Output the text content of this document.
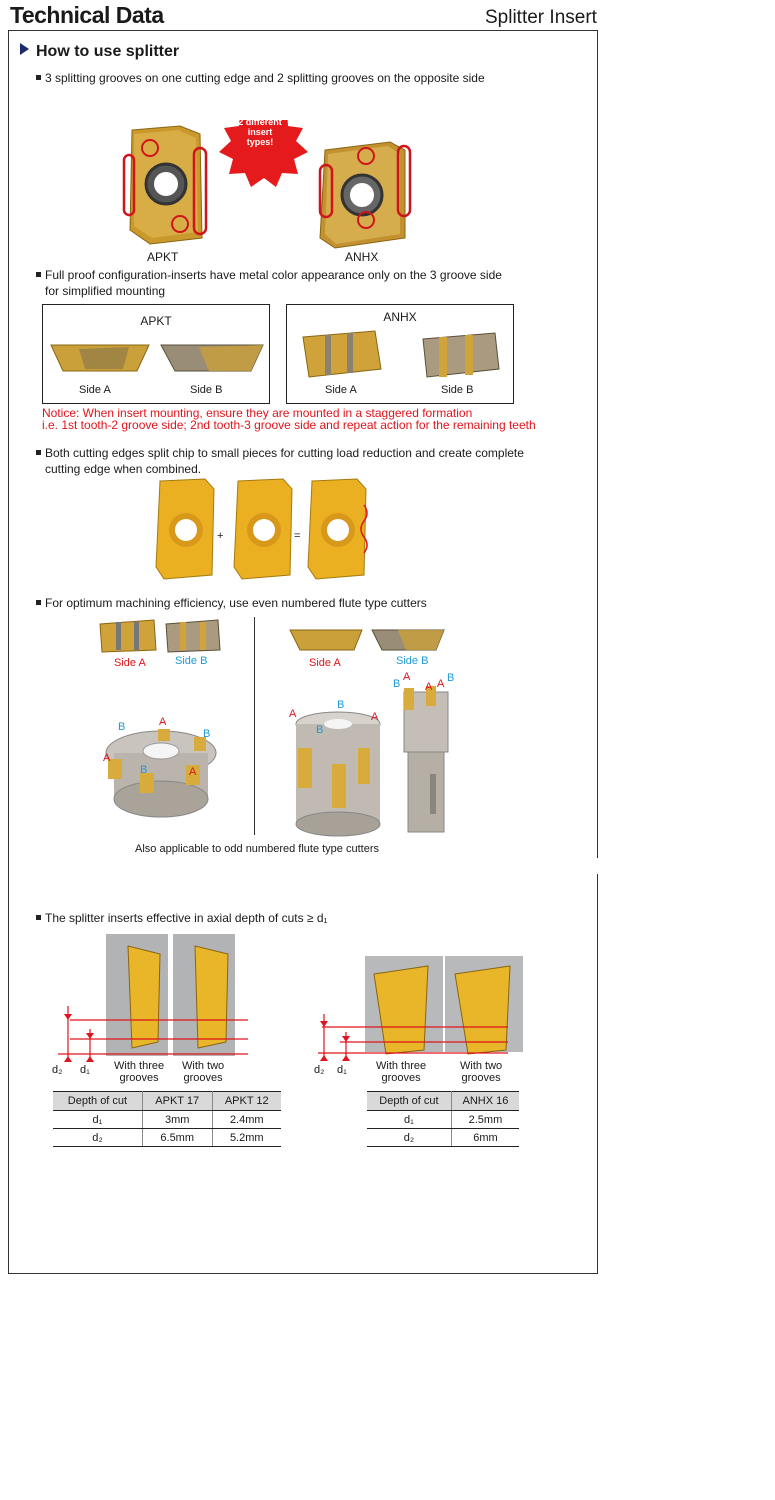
Technical Data	Splitter Insert
How to use splitter
3 splitting grooves on one cutting edge and 2 splitting grooves on the opposite side
No need for
2 different insert
types!
APKT	ANHX
Full proof configuration-inserts have metal color appearance only on the 3 groove side
for simplified mounting
APKT
Side A	Side B
ANHX
Side A	Side B
Notice: When insert mounting, ensure they are mounted in a staggered formation
i.e. 1st tooth-2 groove side; 2nd tooth-3 groove side and repeat action for the remaining teeth
Both cutting edges split chip to small pieces for cutting load reduction and create complete
cutting edge when combined.
+	=
For optimum machining efficiency, use even numbered flute type cutters
Side A	Side B	Side A	Side B
A
A
A
B
B
B
A	A
B
B
B
A
A A B
Also applicable to odd numbered flute type cutters
The splitter inserts effective in axial depth of cuts ≥ d₁
d₂ d₁ With three
grooves
With two
grooves
d₂ d₁	With three
grooves
With two
grooves
Depth of cut	APKT 17	APKT 12
d₁	3mm	2.4mm
d₂	6.5mm	5.2mm
Depth of cut	ANHX 16
d₁	2.5mm
d₂	6mm
